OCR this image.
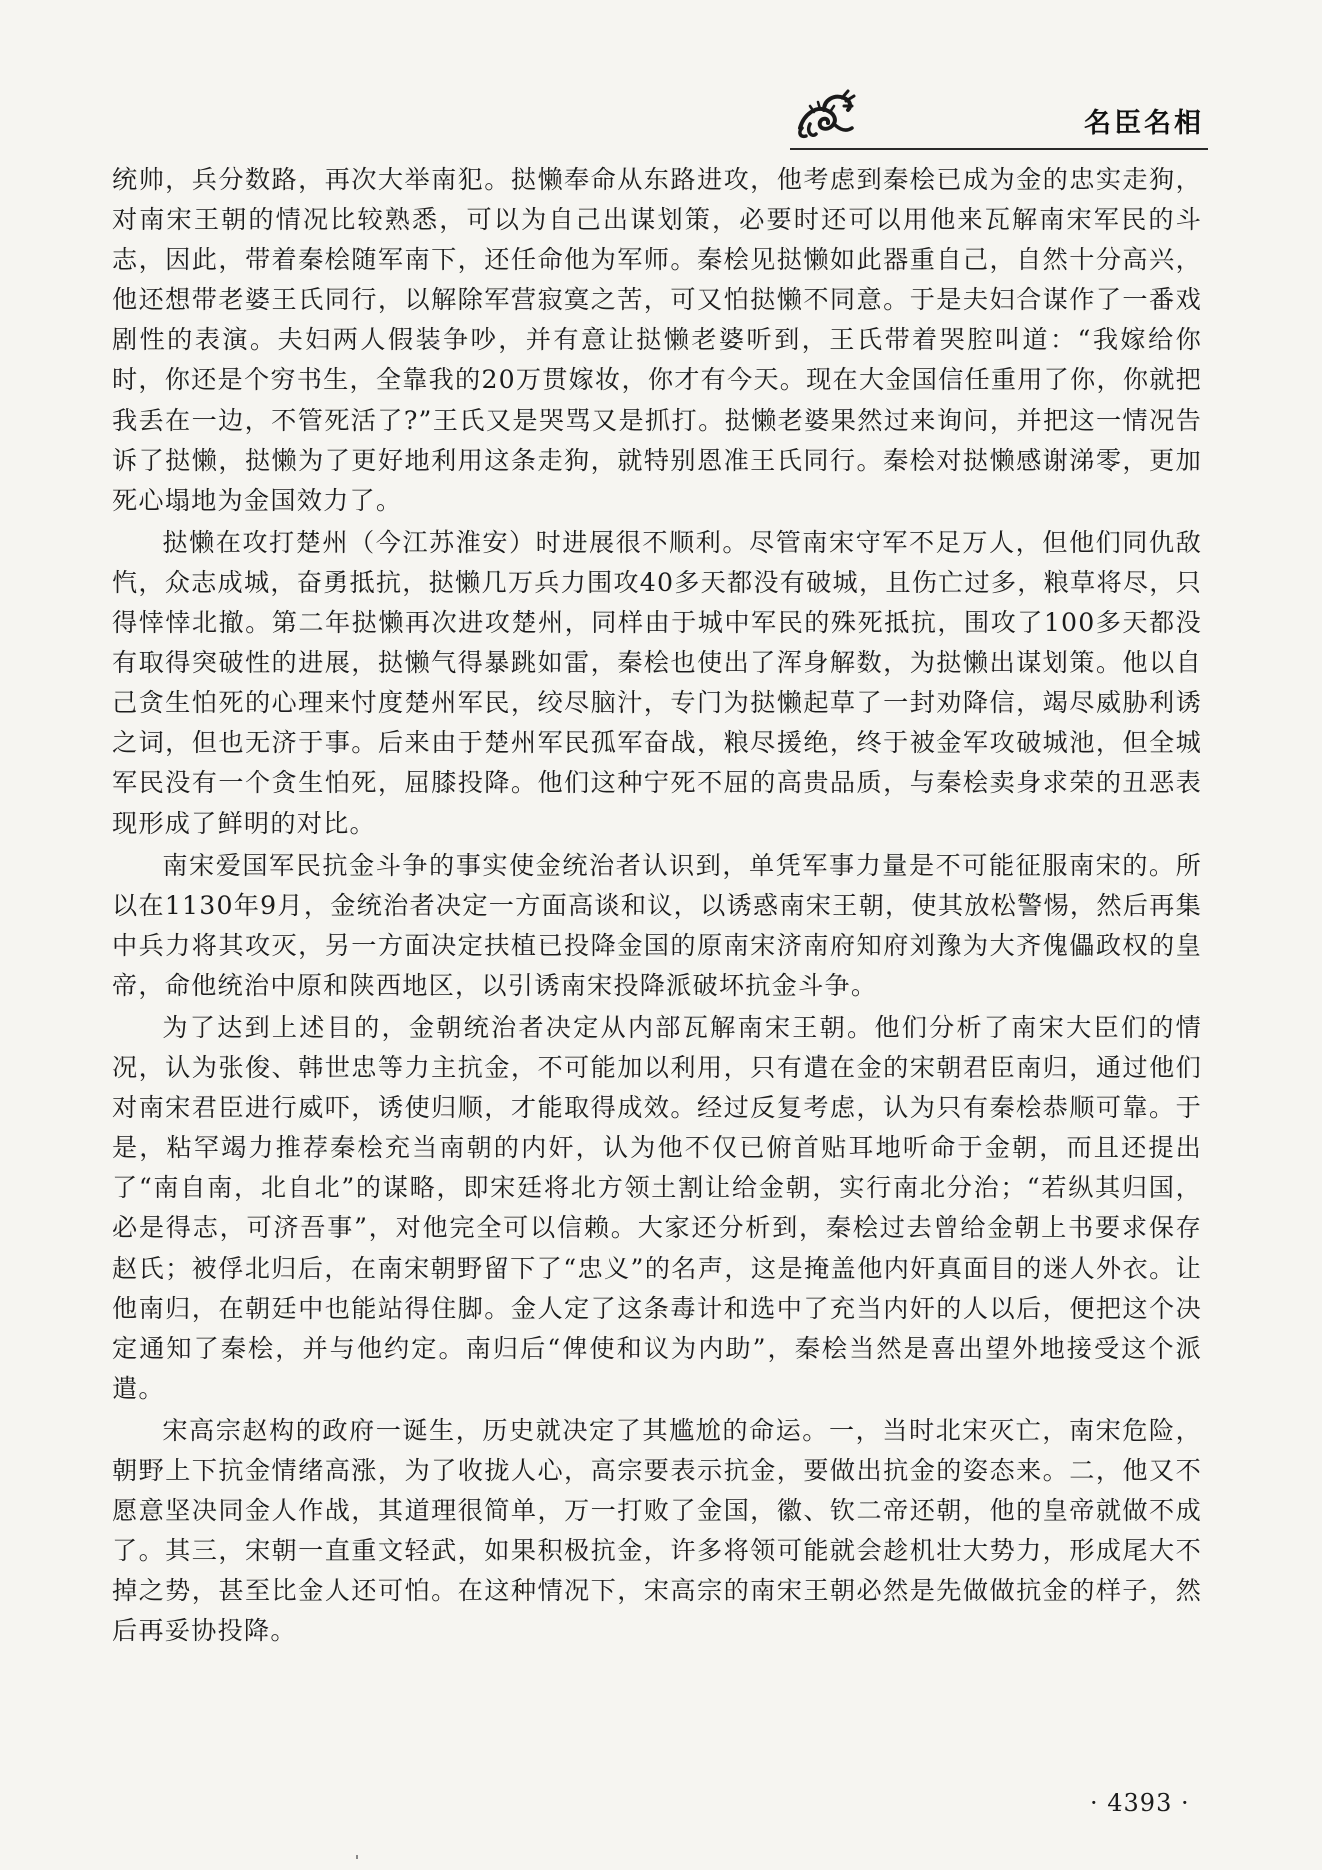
名臣名相

统帅，兵分数路，再次大举南犯。挞懒奉命从东路进攻，他考虑到秦桧已成为金的忠实走狗，对南宋王朝的情况比较熟悉，可以为自己出谋划策，必要时还可以用他来瓦解南宋军民的斗志，因此，带着秦桧随军南下，还任命他为军师。秦桧见挞懒如此器重自己，自然十分高兴，他还想带老婆王氏同行，以解除军营寂寞之苦，可又怕挞懒不同意。于是夫妇合谋作了一番戏剧性的表演。夫妇两人假装争吵，并有意让挞懒老婆听到，王氏带着哭腔叫道：“我嫁给你时，你还是个穷书生，全靠我的20万贯嫁妆，你才有今天。现在大金国信任重用了你，你就把我丢在一边，不管死活了?”王氏又是哭骂又是抓打。挞懒老婆果然过来询问，并把这一情况告诉了挞懒，挞懒为了更好地利用这条走狗，就特别恩准王氏同行。秦桧对挞懒感谢涕零，更加死心塌地为金国效力了。

挞懒在攻打楚州（今江苏淮安）时进展很不顺利。尽管南宋守军不足万人，但他们同仇敌忾，众志成城，奋勇抵抗，挞懒几万兵力围攻40多天都没有破城，且伤亡过多，粮草将尽，只得悻悻北撤。第二年挞懒再次进攻楚州，同样由于城中军民的殊死抵抗，围攻了100多天都没有取得突破性的进展，挞懒气得暴跳如雷，秦桧也使出了浑身解数，为挞懒出谋划策。他以自己贪生怕死的心理来忖度楚州军民，绞尽脑汁，专门为挞懒起草了一封劝降信，竭尽威胁利诱之词，但也无济于事。后来由于楚州军民孤军奋战，粮尽援绝，终于被金军攻破城池，但全城军民没有一个贪生怕死，屈膝投降。他们这种宁死不屈的高贵品质，与秦桧卖身求荣的丑恶表现形成了鲜明的对比。

南宋爱国军民抗金斗争的事实使金统治者认识到，单凭军事力量是不可能征服南宋的。所以在1130年9月，金统治者决定一方面高谈和议，以诱惑南宋王朝，使其放松警惕，然后再集中兵力将其攻灭，另一方面决定扶植已投降金国的原南宋济南府知府刘豫为大齐傀儡政权的皇帝，命他统治中原和陕西地区，以引诱南宋投降派破坏抗金斗争。

为了达到上述目的，金朝统治者决定从内部瓦解南宋王朝。他们分析了南宋大臣们的情况，认为张俊、韩世忠等力主抗金，不可能加以利用，只有遣在金的宋朝君臣南归，通过他们对南宋君臣进行威吓，诱使归顺，才能取得成效。经过反复考虑，认为只有秦桧恭顺可靠。于是，粘罕竭力推荐秦桧充当南朝的内奸，认为他不仅已俯首贴耳地听命于金朝，而且还提出了“南自南，北自北”的谋略，即宋廷将北方领土割让给金朝，实行南北分治；“若纵其归国，必是得志，可济吾事”，对他完全可以信赖。大家还分析到，秦桧过去曾给金朝上书要求保存赵氏；被俘北归后，在南宋朝野留下了“忠义”的名声，这是掩盖他内奸真面目的迷人外衣。让他南归，在朝廷中也能站得住脚。金人定了这条毒计和选中了充当内奸的人以后，便把这个决定通知了秦桧，并与他约定。南归后“俾使和议为内助”，秦桧当然是喜出望外地接受这个派遣。

宋高宗赵构的政府一诞生，历史就决定了其尴尬的命运。一，当时北宋灭亡，南宋危险，朝野上下抗金情绪高涨，为了收拢人心，高宗要表示抗金，要做出抗金的姿态来。二，他又不愿意坚决同金人作战，其道理很简单，万一打败了金国，徽、钦二帝还朝，他的皇帝就做不成了。其三，宋朝一直重文轻武，如果积极抗金，许多将领可能就会趁机壮大势力，形成尾大不掉之势，甚至比金人还可怕。在这种情况下，宋高宗的南宋王朝必然是先做做抗金的样子，然后再妥协投降。

· 4393 ·
